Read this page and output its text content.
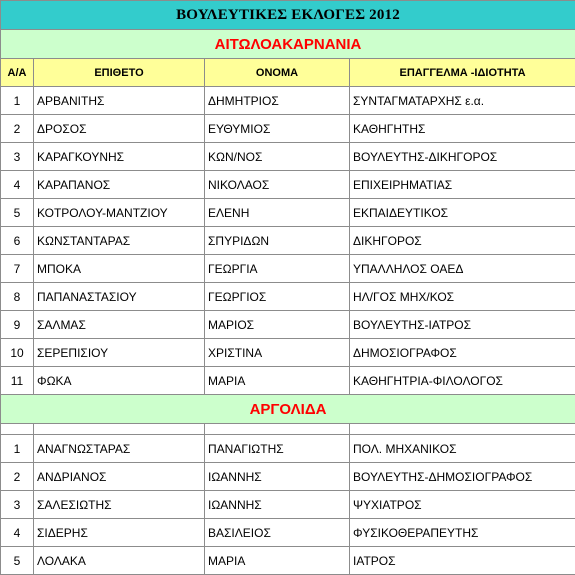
ΒΟΥΛΕΥΤΙΚΕΣ ΕΚΛΟΓΕΣ 2012			
ΑΙΤΩΛΟΑΚΑΡΝΑΝΙΑ			
Α/Α	ΕΠΙΘΕΤΟ	ΟΝΟΜΑ	ΕΠΑΓΓΕΛΜΑ -ΙΔΙΟΤΗΤΑ
1	ΑΡΒΑΝΙΤΗΣ	ΔΗΜΗΤΡΙΟΣ	ΣΥΝΤΑΓΜΑΤΑΡΧΗΣ ε.α.
2	ΔΡΟΣΟΣ	ΕΥΘΥΜΙΟΣ	ΚΑΘΗΓΗΤΗΣ
3	ΚΑΡΑΓΚΟΥΝΗΣ	ΚΩΝ/ΝΟΣ	ΒΟΥΛΕΥΤΗΣ-ΔΙΚΗΓΟΡΟΣ
4	ΚΑΡΑΠΑΝΟΣ	ΝΙΚΟΛΑΟΣ	ΕΠΙΧΕΙΡΗΜΑΤΙΑΣ
5	ΚΟΤΡΟΛΟΥ-ΜΑΝΤΖΙΟΥ	ΕΛΕΝΗ	ΕΚΠΑΙΔΕΥΤΙΚΟΣ
6	ΚΩΝΣΤΑΝΤΑΡΑΣ	ΣΠΥΡΙΔΩΝ	ΔΙΚΗΓΟΡΟΣ
7	ΜΠΟΚΑ	ΓΕΩΡΓΙΑ	ΥΠΑΛΛΗΛΟΣ ΟΑΕΔ
8	ΠΑΠΑΝΑΣΤΑΣΙΟΥ	ΓΕΩΡΓΙΟΣ	ΗΛ/ΓΟΣ ΜΗΧ/ΚΟΣ
9	ΣΑΛΜΑΣ	ΜΑΡΙΟΣ	ΒΟΥΛΕΥΤΗΣ-ΙΑΤΡΟΣ
10	ΣΕΡΕΠΙΣΙΟΥ	ΧΡΙΣΤΙΝΑ	ΔΗΜΟΣΙΟΓΡΑΦΟΣ
11	ΦΩΚΑ	ΜΑΡΙΑ	ΚΑΘΗΓΗΤΡΙΑ-ΦΙΛΟΛΟΓΟΣ
ΑΡΓΟΛΙΔΑ			

1	ΑΝΑΓΝΩΣΤΑΡΑΣ	ΠΑΝΑΓΙΩΤΗΣ	ΠΟΛ. ΜΗΧΑΝΙΚΟΣ
2	ΑΝΔΡΙΑΝΟΣ	ΙΩΑΝΝΗΣ	ΒΟΥΛΕΥΤΗΣ-ΔΗΜΟΣΙΟΓΡΑΦΟΣ
3	ΣΑΛΕΣΙΩΤΗΣ	ΙΩΑΝΝΗΣ	ΨΥΧΙΑΤΡΟΣ
4	ΣΙΔΕΡΗΣ	ΒΑΣΙΛΕΙΟΣ	ΦΥΣΙΚΟΘΕΡΑΠΕΥΤΗΣ
5	ΛΟΛΑΚΑ	ΜΑΡΙΑ	ΙΑΤΡΟΣ
